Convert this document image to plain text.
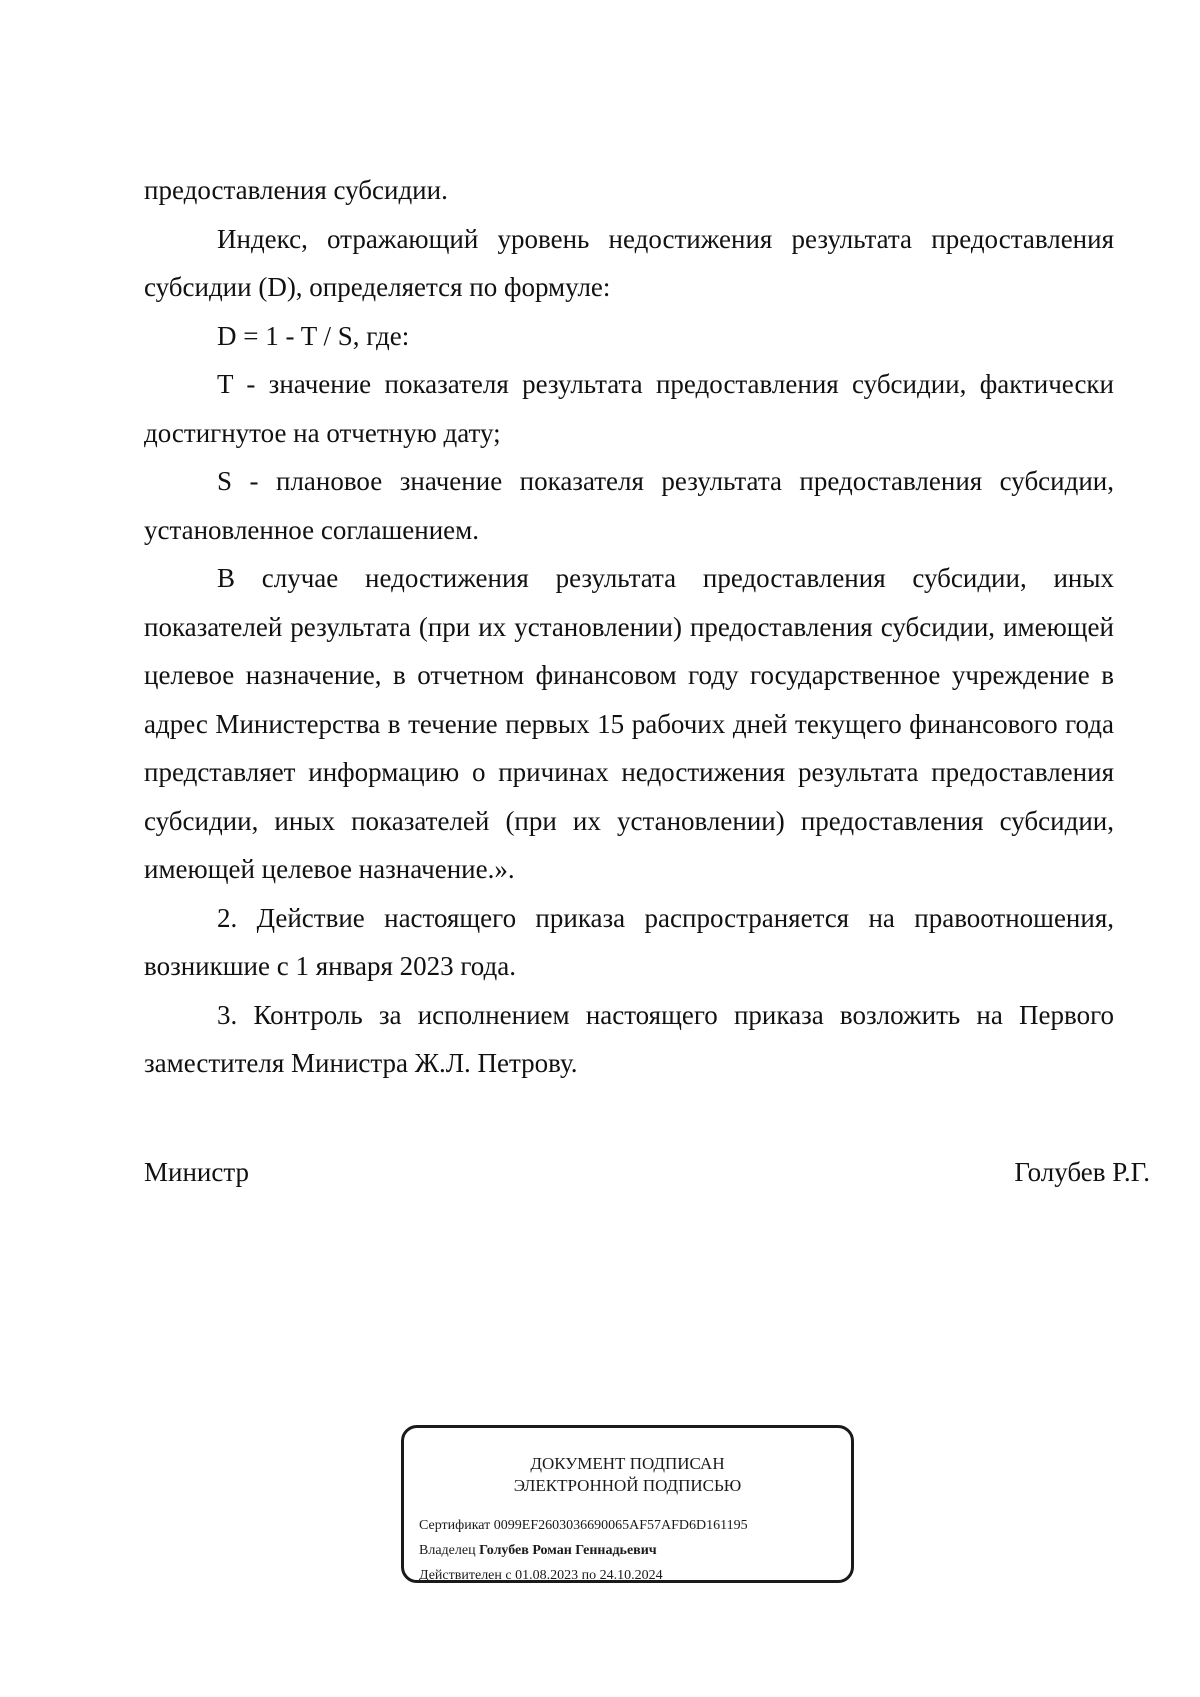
предоставления субсидии.

Индекс, отражающий уровень недостижения результата предоставления субсидии (D), определяется по формуле:

D = 1 - T / S, где:

T - значение показателя результата предоставления субсидии, фактически достигнутое на отчетную дату;

S - плановое значение показателя результата предоставления субсидии, установленное соглашением.

В случае недостижения результата предоставления субсидии, иных показателей результата (при их установлении) предоставления субсидии, имеющей целевое назначение, в отчетном финансовом году государственное учреждение в адрес Министерства в течение первых 15 рабочих дней текущего финансового года представляет информацию о причинах недостижения результата предоставления субсидии, иных показателей (при их установлении) предоставления субсидии, имеющей целевое назначение.».

2. Действие настоящего приказа распространяется на правоотношения, возникшие с 1 января 2023 года.

3. Контроль за исполнением настоящего приказа возложить на Первого заместителя Министра Ж.Л. Петрову.

Министр	Голубев Р.Г.
ДОКУМЕНТ ПОДПИСАН
ЭЛЕКТРОННОЙ ПОДПИСЬЮ
Сертификат 0099EF2603036690065AF57AFD6D161195
Владелец Голубев Роман Геннадьевич
Действителен с 01.08.2023 по 24.10.2024
